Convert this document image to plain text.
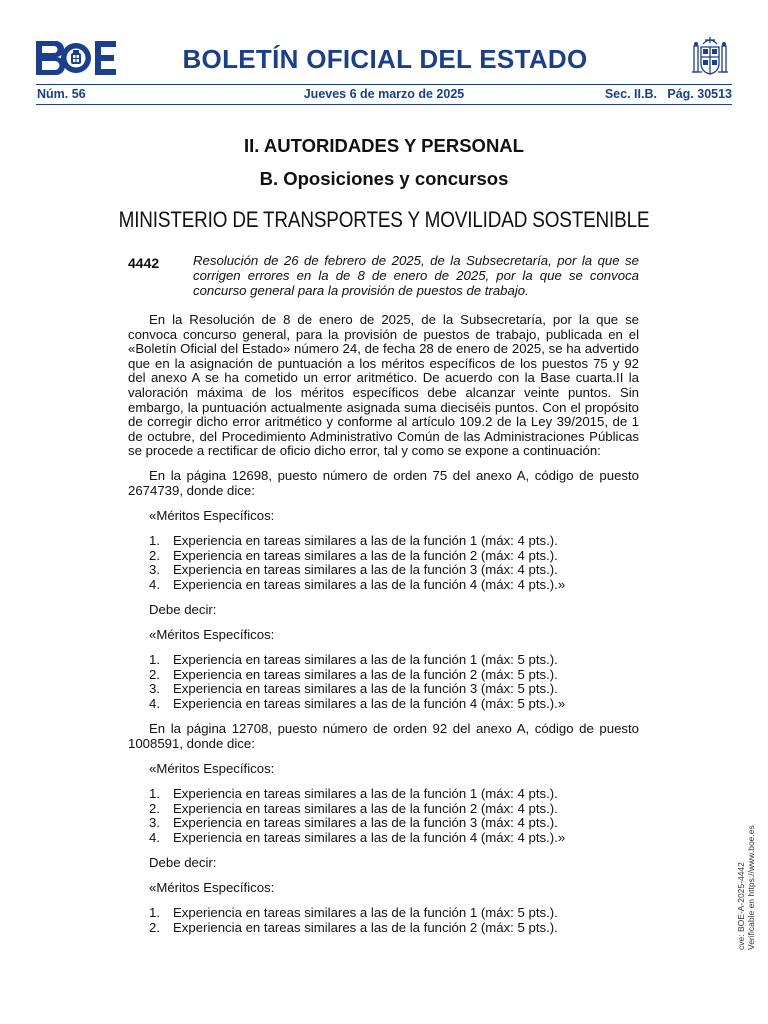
BOLETÍN OFICIAL DEL ESTADO
Núm. 56	Jueves 6 de marzo de 2025	Sec. II.B.   Pág. 30513
II. AUTORIDADES Y PERSONAL
B. Oposiciones y concursos
MINISTERIO DE TRANSPORTES Y MOVILIDAD SOSTENIBLE
4442	Resolución de 26 de febrero de 2025, de la Subsecretaría, por la que se corrigen errores en la de 8 de enero de 2025, por la que se convoca concurso general para la provisión de puestos de trabajo.

En la Resolución de 8 de enero de 2025, de la Subsecretaría, por la que se convoca concurso general, para la provisión de puestos de trabajo, publicada en el «Boletín Oficial del Estado» número 24, de fecha 28 de enero de 2025, se ha advertido que en la asignación de puntuación a los méritos específicos de los puestos 75 y 92 del anexo A se ha cometido un error aritmético. De acuerdo con la Base cuarta.II la valoración máxima de los méritos específicos debe alcanzar veinte puntos. Sin embargo, la puntuación actualmente asignada suma dieciséis puntos. Con el propósito de corregir dicho error aritmético y conforme al artículo 109.2 de la Ley 39/2015, de 1 de octubre, del Procedimiento Administrativo Común de las Administraciones Públicas se procede a rectificar de oficio dicho error, tal y como se expone a continuación:

En la página 12698, puesto número de orden 75 del anexo A, código de puesto 2674739, donde dice:

«Méritos Específicos:

1. Experiencia en tareas similares a las de la función 1 (máx: 4 pts.).
2. Experiencia en tareas similares a las de la función 2 (máx: 4 pts.).
3. Experiencia en tareas similares a las de la función 3 (máx: 4 pts.).
4. Experiencia en tareas similares a las de la función 4 (máx: 4 pts.).»

Debe decir:

«Méritos Específicos:

1. Experiencia en tareas similares a las de la función 1 (máx: 5 pts.).
2. Experiencia en tareas similares a las de la función 2 (máx: 5 pts.).
3. Experiencia en tareas similares a las de la función 3 (máx: 5 pts.).
4. Experiencia en tareas similares a las de la función 4 (máx: 5 pts.).»

En la página 12708, puesto número de orden 92 del anexo A, código de puesto 1008591, donde dice:

«Méritos Específicos:

1. Experiencia en tareas similares a las de la función 1 (máx: 4 pts.).
2. Experiencia en tareas similares a las de la función 2 (máx: 4 pts.).
3. Experiencia en tareas similares a las de la función 3 (máx: 4 pts.).
4. Experiencia en tareas similares a las de la función 4 (máx: 4 pts.).»

Debe decir:

«Méritos Específicos:

1. Experiencia en tareas similares a las de la función 1 (máx: 5 pts.).
2. Experiencia en tareas similares a las de la función 2 (máx: 5 pts.).	cve: BOE-A-2025-4442 Verificable en https://www.boe.es
